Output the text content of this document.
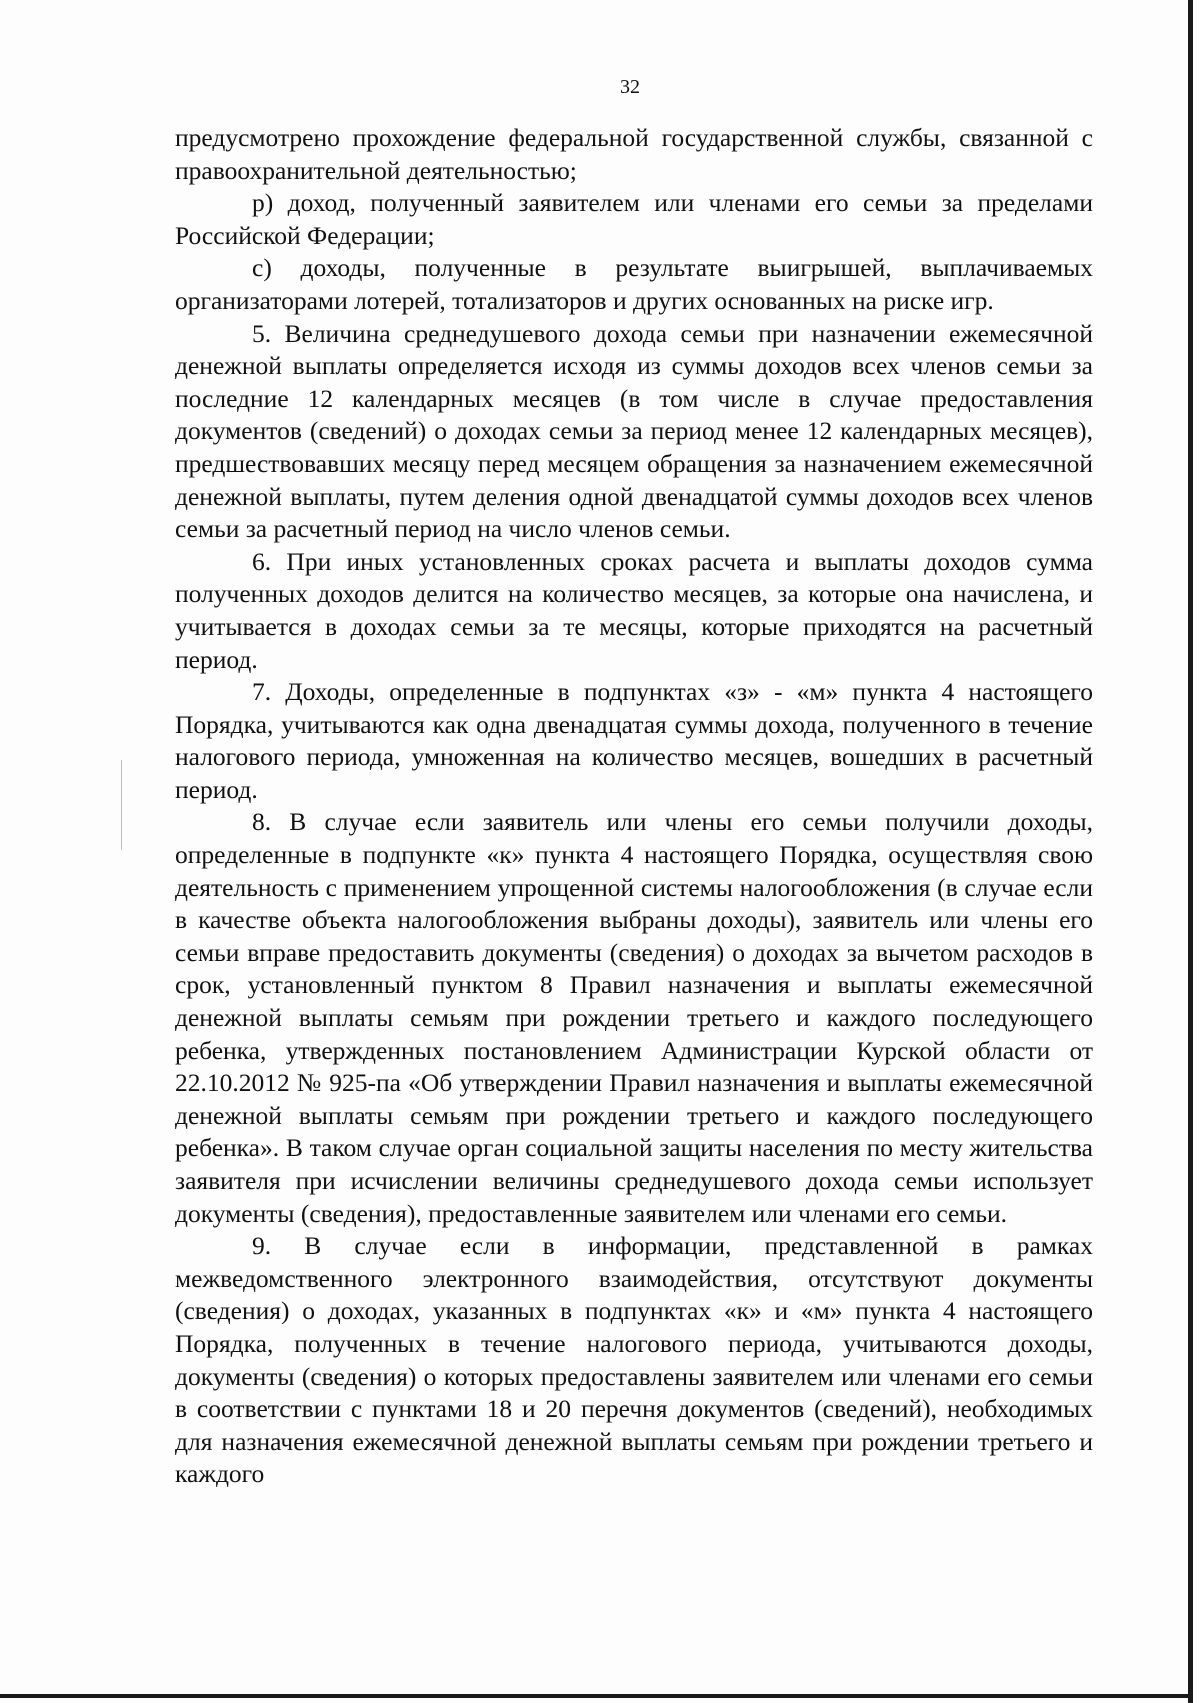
32

предусмотрено прохождение федеральной государственной службы, связанной с правоохранительной деятельностью;

р) доход, полученный заявителем или членами его семьи за пределами Российской Федерации;

с) доходы, полученные в результате выигрышей, выплачиваемых организаторами лотерей, тотализаторов и других основанных на риске игр.

5. Величина среднедушевого дохода семьи при назначении ежемесячной денежной выплаты определяется исходя из суммы доходов всех членов семьи за последние 12 календарных месяцев (в том числе в случае предоставления документов (сведений) о доходах семьи за период менее 12 календарных месяцев), предшествовавших месяцу перед месяцем обращения за назначением ежемесячной денежной выплаты, путем деления одной двенадцатой суммы доходов всех членов семьи за расчетный период на число членов семьи.

6. При иных установленных сроках расчета и выплаты доходов сумма полученных доходов делится на количество месяцев, за которые она начислена, и учитывается в доходах семьи за те месяцы, которые приходятся на расчетный период.

7. Доходы, определенные в подпунктах «з» - «м» пункта 4 настоящего Порядка, учитываются как одна двенадцатая суммы дохода, полученного в течение налогового периода, умноженная на количество месяцев, вошедших в расчетный период.

8. В случае если заявитель или члены его семьи получили доходы, определенные в подпункте «к» пункта 4 настоящего Порядка, осуществляя свою деятельность с применением упрощенной системы налогообложения (в случае если в качестве объекта налогообложения выбраны доходы), заявитель или члены его семьи вправе предоставить документы (сведения) о доходах за вычетом расходов в срок, установленный пунктом 8 Правил назначения и выплаты ежемесячной денежной выплаты семьям при рождении третьего и каждого последующего ребенка, утвержденных постановлением Администрации Курской области от 22.10.2012 № 925-па «Об утверждении Правил назначения и выплаты ежемесячной денежной выплаты семьям при рождении третьего и каждого последующего ребенка». В таком случае орган социальной защиты населения по месту жительства заявителя при исчислении величины среднедушевого дохода семьи использует документы (сведения), предоставленные заявителем или членами его семьи.

9. В случае если в информации, представленной в рамках межведомственного электронного взаимодействия, отсутствуют документы (сведения) о доходах, указанных в подпунктах «к» и «м» пункта 4 настоящего Порядка, полученных в течение налогового периода, учитываются доходы, документы (сведения) о которых предоставлены заявителем или членами его семьи в соответствии с пунктами 18 и 20 перечня документов (сведений), необходимых для назначения ежемесячной денежной выплаты семьям при рождении третьего и каждого
